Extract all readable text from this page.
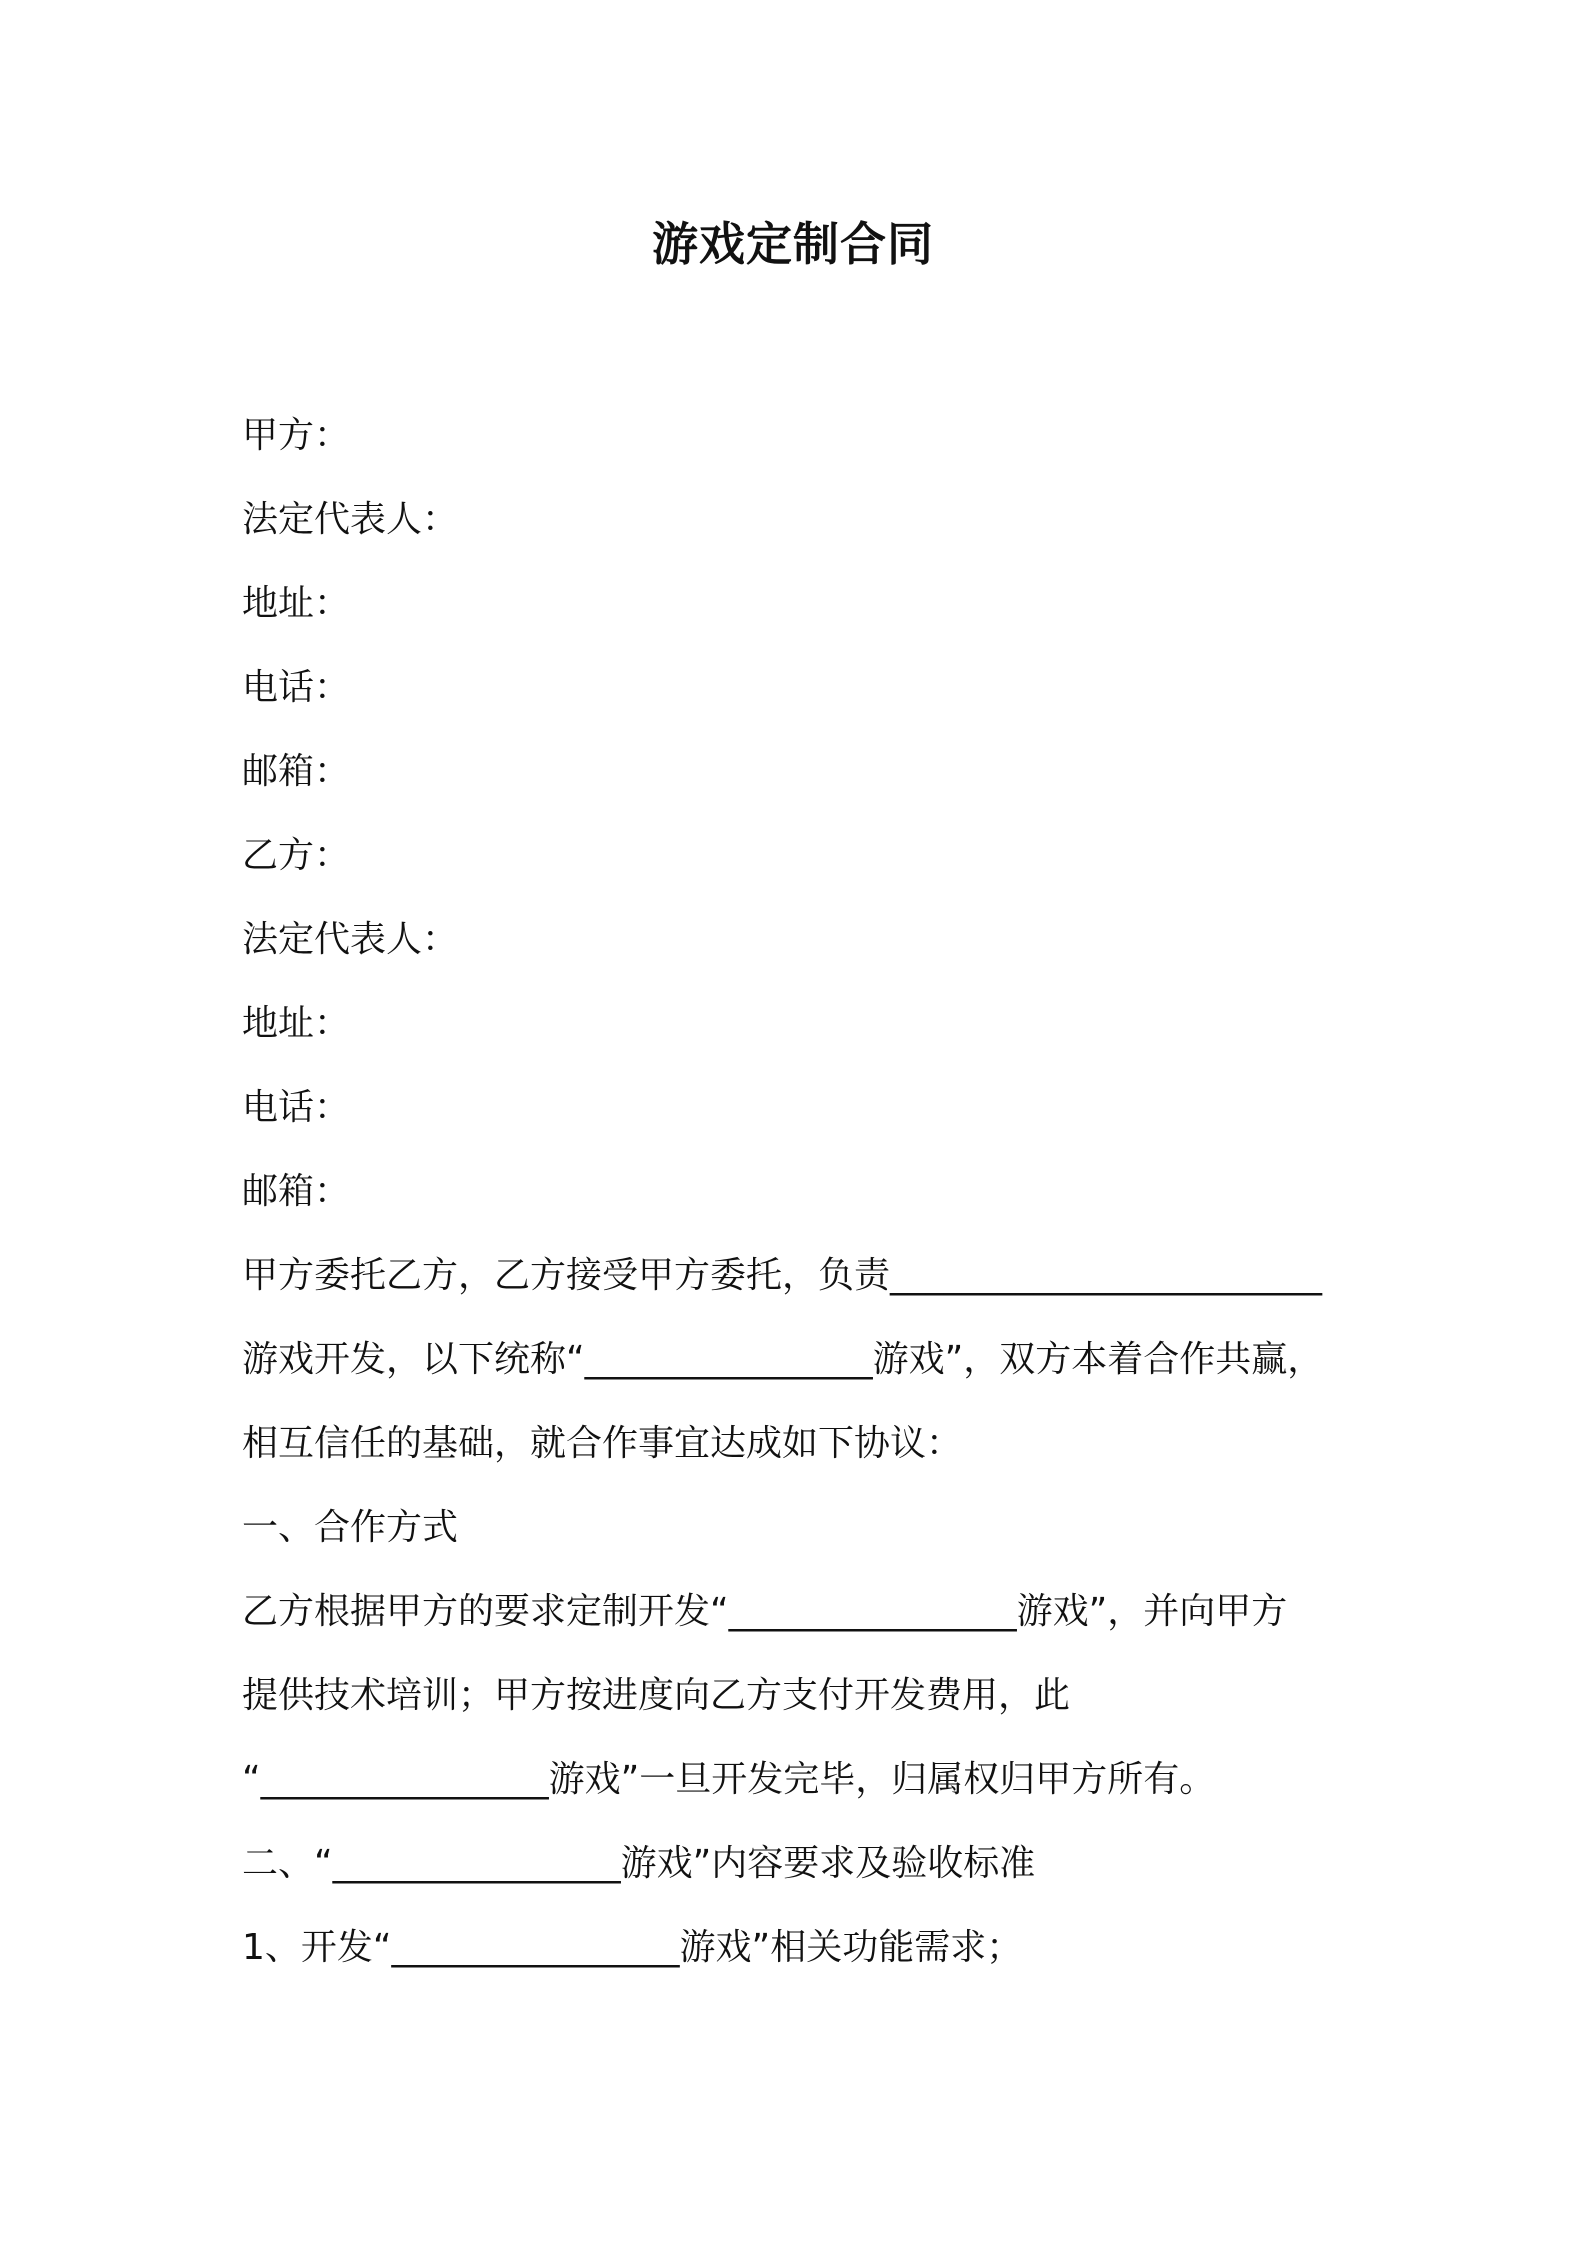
游戏定制合同
甲方：
法定代表人：
地址：
电话：
邮箱：
乙方：
法定代表人：
地址：
电话：
邮箱：
甲方委托乙方，乙方接受甲方委托，负责________________________
游戏开发，以下统称“________________游戏”，双方本着合作共赢，
相互信任的基础，就合作事宜达成如下协议：
一、合作方式
乙方根据甲方的要求定制开发“________________游戏”，并向甲方
提供技术培训；甲方按进度向乙方支付开发费用，此
“________________游戏”一旦开发完毕，归属权归甲方所有。
二、“________________游戏”内容要求及验收标准
1、开发“________________游戏”相关功能需求；
